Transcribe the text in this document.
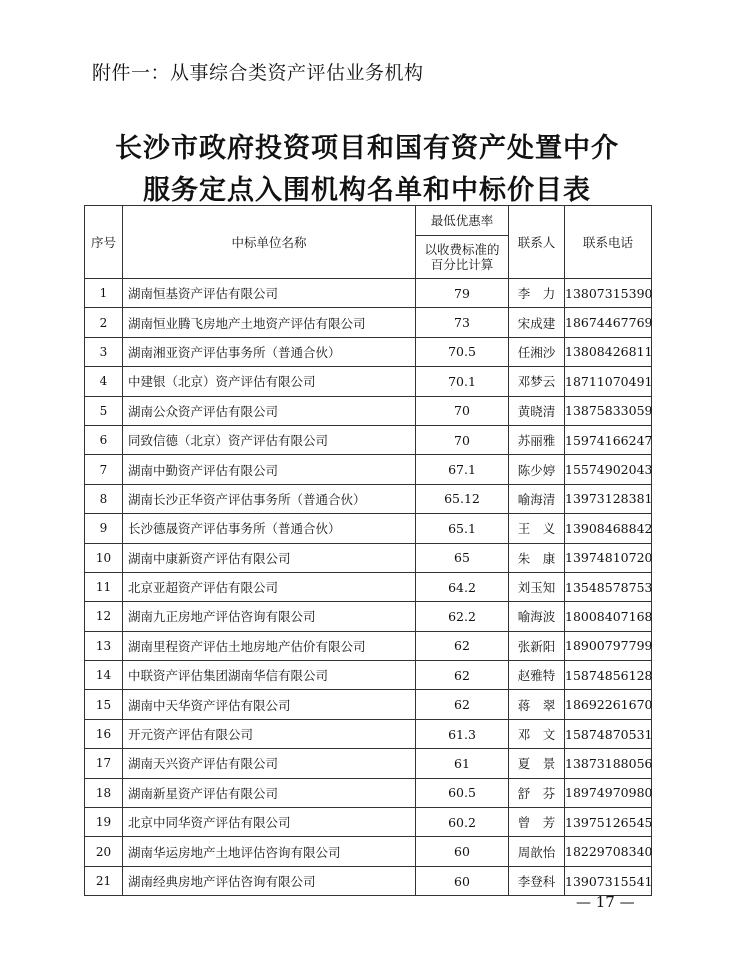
附件一：从事综合类资产评估业务机构
长沙市政府投资项目和国有资产处置中介
服务定点入围机构名单和中标价目表
序号	中标单位名称	最低优惠率	联系人	联系电话
		以收费标准的百分比计算		
1	湖南恒基资产评估有限公司	79	李　力	13807315390
2	湖南恒业腾飞房地产土地资产评估有限公司	73	宋成建	18674467769
3	湖南湘亚资产评估事务所（普通合伙）	70.5	任湘沙	13808426811
4	中建银（北京）资产评估有限公司	70.1	邓梦云	18711070491
5	湖南公众资产评估有限公司	70	黄晓清	13875833059
6	同致信德（北京）资产评估有限公司	70	苏丽雅	15974166247
7	湖南中勤资产评估有限公司	67.1	陈少婷	15574902043
8	湖南长沙正华资产评估事务所（普通合伙）	65.12	喻海清	13973128381
9	长沙德晟资产评估事务所（普通合伙）	65.1	王　义	13908468842
10	湖南中康新资产评估有限公司	65	朱　康	13974810720
11	北京亚超资产评估有限公司	64.2	刘玉知	13548578753
12	湖南九正房地产评估咨询有限公司	62.2	喻海波	18008407168
13	湖南里程资产评估土地房地产估价有限公司	62	张新阳	18900797799
14	中联资产评估集团湖南华信有限公司	62	赵雅特	15874856128
15	湖南中天华资产评估有限公司	62	蒋　翠	18692261670
16	开元资产评估有限公司	61.3	邓　文	15874870531
17	湖南天兴资产评估有限公司	61	夏　景	13873188056
18	湖南新星资产评估有限公司	60.5	舒　芬	18974970980
19	北京中同华资产评估有限公司	60.2	曾　芳	13975126545
20	湖南华运房地产土地评估咨询有限公司	60	周歆怡	18229708340
21	湖南经典房地产评估咨询有限公司	60	李登科	13907315541
— 17 —
